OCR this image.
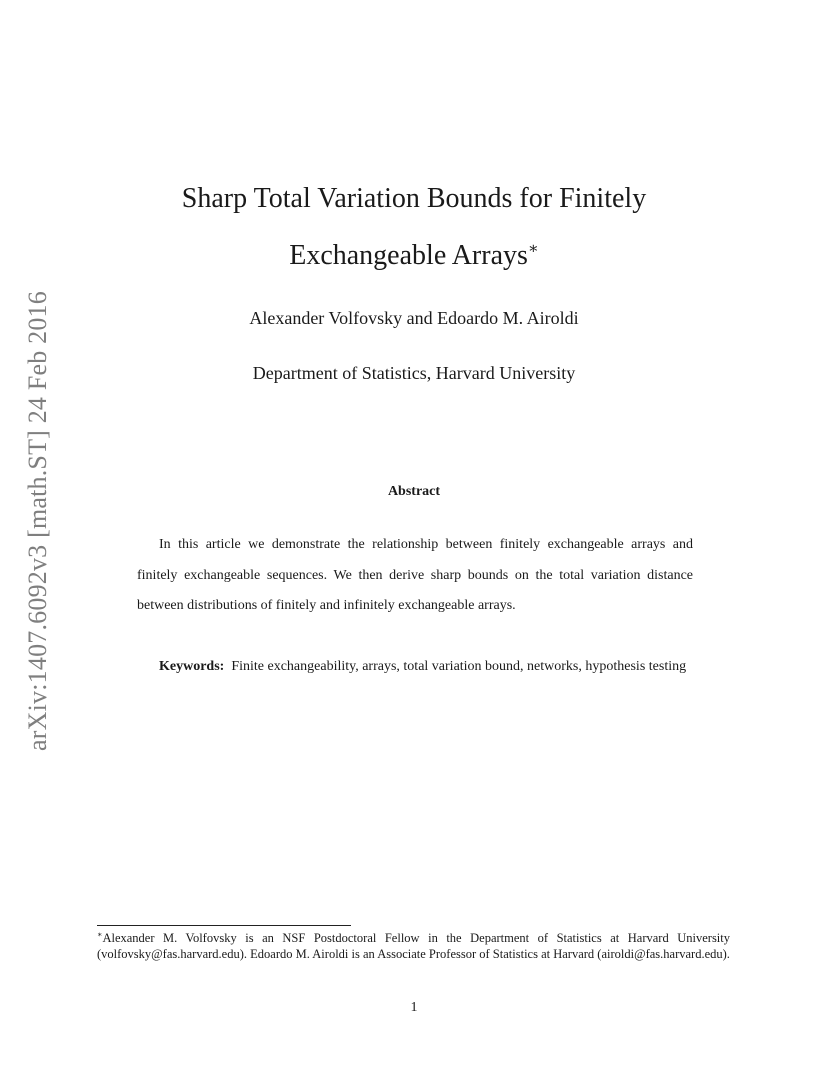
arXiv:1407.6092v3 [math.ST] 24 Feb 2016
Sharp Total Variation Bounds for Finitely
Exchangeable Arrays∗
Alexander Volfovsky and Edoardo M. Airoldi
Department of Statistics, Harvard University
Abstract

In this article we demonstrate the relationship between finitely exchangeable arrays and finitely exchangeable sequences. We then derive sharp bounds on the total variation distance between distributions of finitely and infinitely exchangeable arrays.

Keywords: Finite exchangeability, arrays, total variation bound, networks, hypothesis testing

∗Alexander M. Volfovsky is an NSF Postdoctoral Fellow in the Department of Statistics at Harvard University (volfovsky@fas.harvard.edu). Edoardo M. Airoldi is an Associate Professor of Statistics at Harvard (airoldi@fas.harvard.edu).

1
